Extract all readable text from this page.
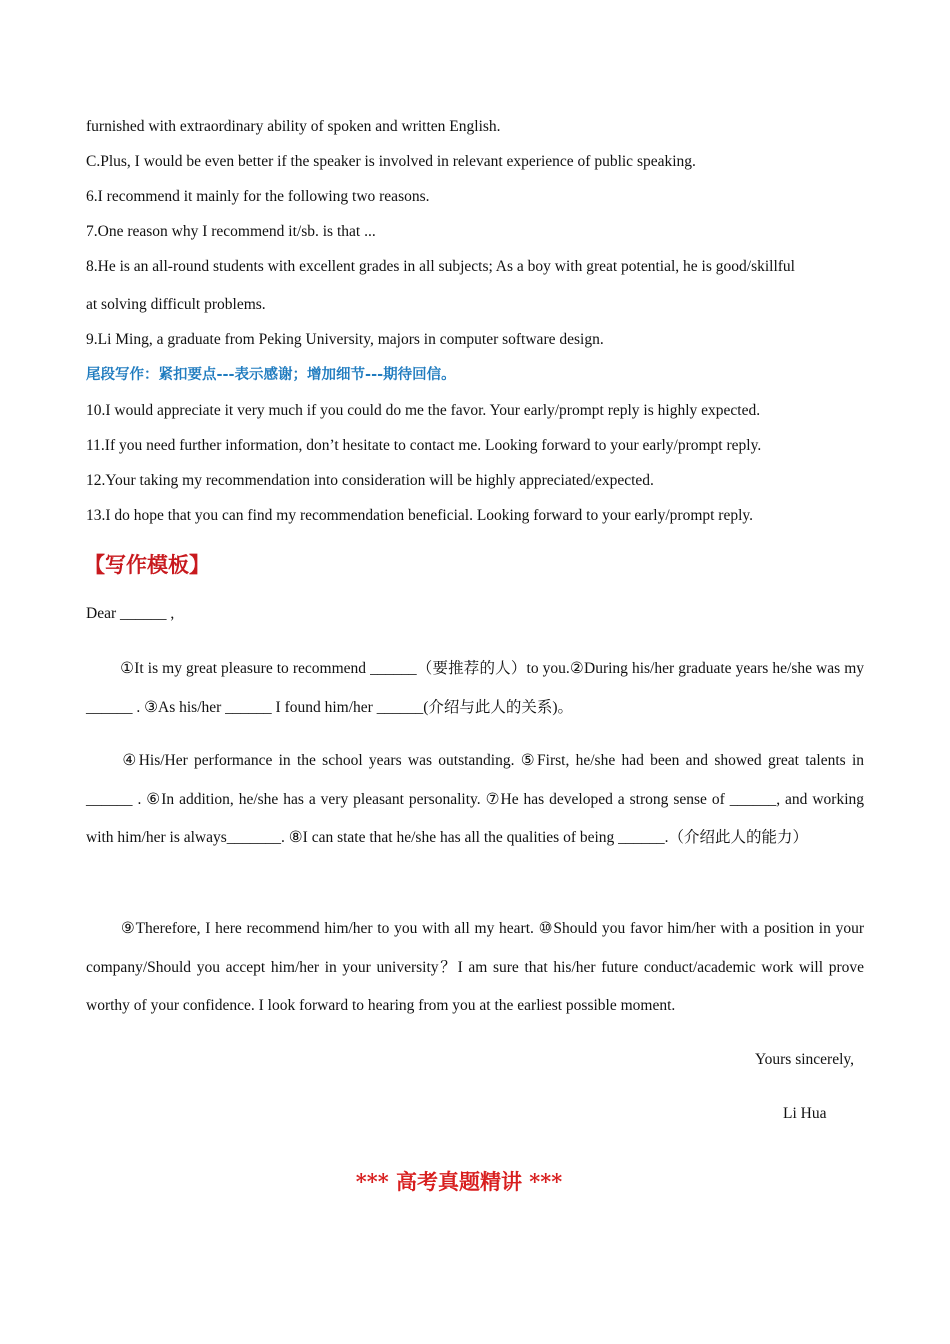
furnished with extraordinary ability of spoken and written English.
C.Plus, I would be even better if the speaker is involved in relevant experience of public speaking.
6.I recommend it mainly for the following two reasons.
7.One reason why I recommend it/sb. is that ...
8.He is an all-round students with excellent grades in all subjects; As a boy with great potential, he is good/skillful
at solving difficult problems.
9.Li Ming, a graduate from Peking University, majors in computer software design.
尾段写作：紧扣要点---表示感谢；增加细节---期待回信。
10.I would appreciate it very much if you could do me the favor. Your early/prompt reply is highly expected.
11.If you need further information, don’t hesitate to contact me. Looking forward to your early/prompt reply.
12.Your taking my recommendation into consideration will be highly appreciated/expected.
13.I do hope that you can find my recommendation beneficial. Looking forward to your early/prompt reply.
【写作模板】
Dear ______ ,
①It is my great pleasure to recommend ______（要推荐的人）to you.②During his/her graduate years he/she was my ______ . ③As his/her ______ I found him/her ______(介绍与此人的关系)。
④His/Her performance in the school years was outstanding. ⑤First, he/she had been and showed great talents in ______ . ⑥In addition, he/she has a very pleasant personality. ⑦He has developed a strong sense of ______, and working with him/her is always_______. ⑧I can state that he/she has all the qualities of being ______.（介绍此人的能力）
⑨Therefore, I here recommend him/her to you with all my heart. ⑩Should you favor him/her with a position in your company/Should you accept him/her in your university？I am sure that his/her future conduct/academic work will prove worthy of your confidence. I look forward to hearing from you at the earliest possible moment.
Yours sincerely,
Li Hua
*** 高考真题精讲 ***
